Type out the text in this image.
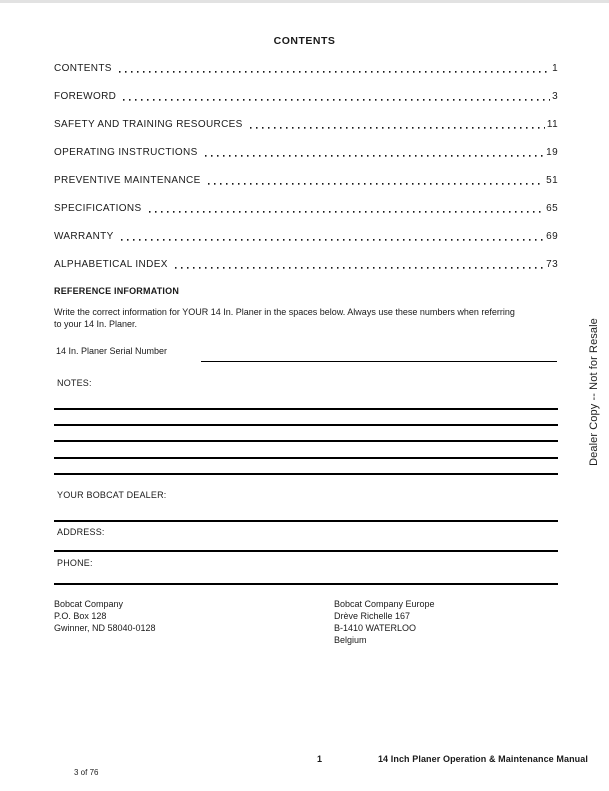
CONTENTS
CONTENTS	1
FOREWORD	3
SAFETY AND TRAINING RESOURCES	11
OPERATING INSTRUCTIONS	19
PREVENTIVE MAINTENANCE	51
SPECIFICATIONS	65
WARRANTY	69
ALPHABETICAL INDEX	73
REFERENCE INFORMATION
Write the correct information for YOUR 14 In. Planer in the spaces below. Always use these numbers when referring
to your 14 In. Planer.
14 In. Planer Serial Number
NOTES:
YOUR BOBCAT DEALER:
ADDRESS:
PHONE:
Bobcat Company
P.O. Box 128
Gwinner, ND 58040-0128
Bobcat Company Europe
Drève Richelle 167
B-1410 WATERLOO
Belgium
Dealer Copy -- Not for Resale
1	14 Inch Planer Operation & Maintenance Manual
3 of 76
